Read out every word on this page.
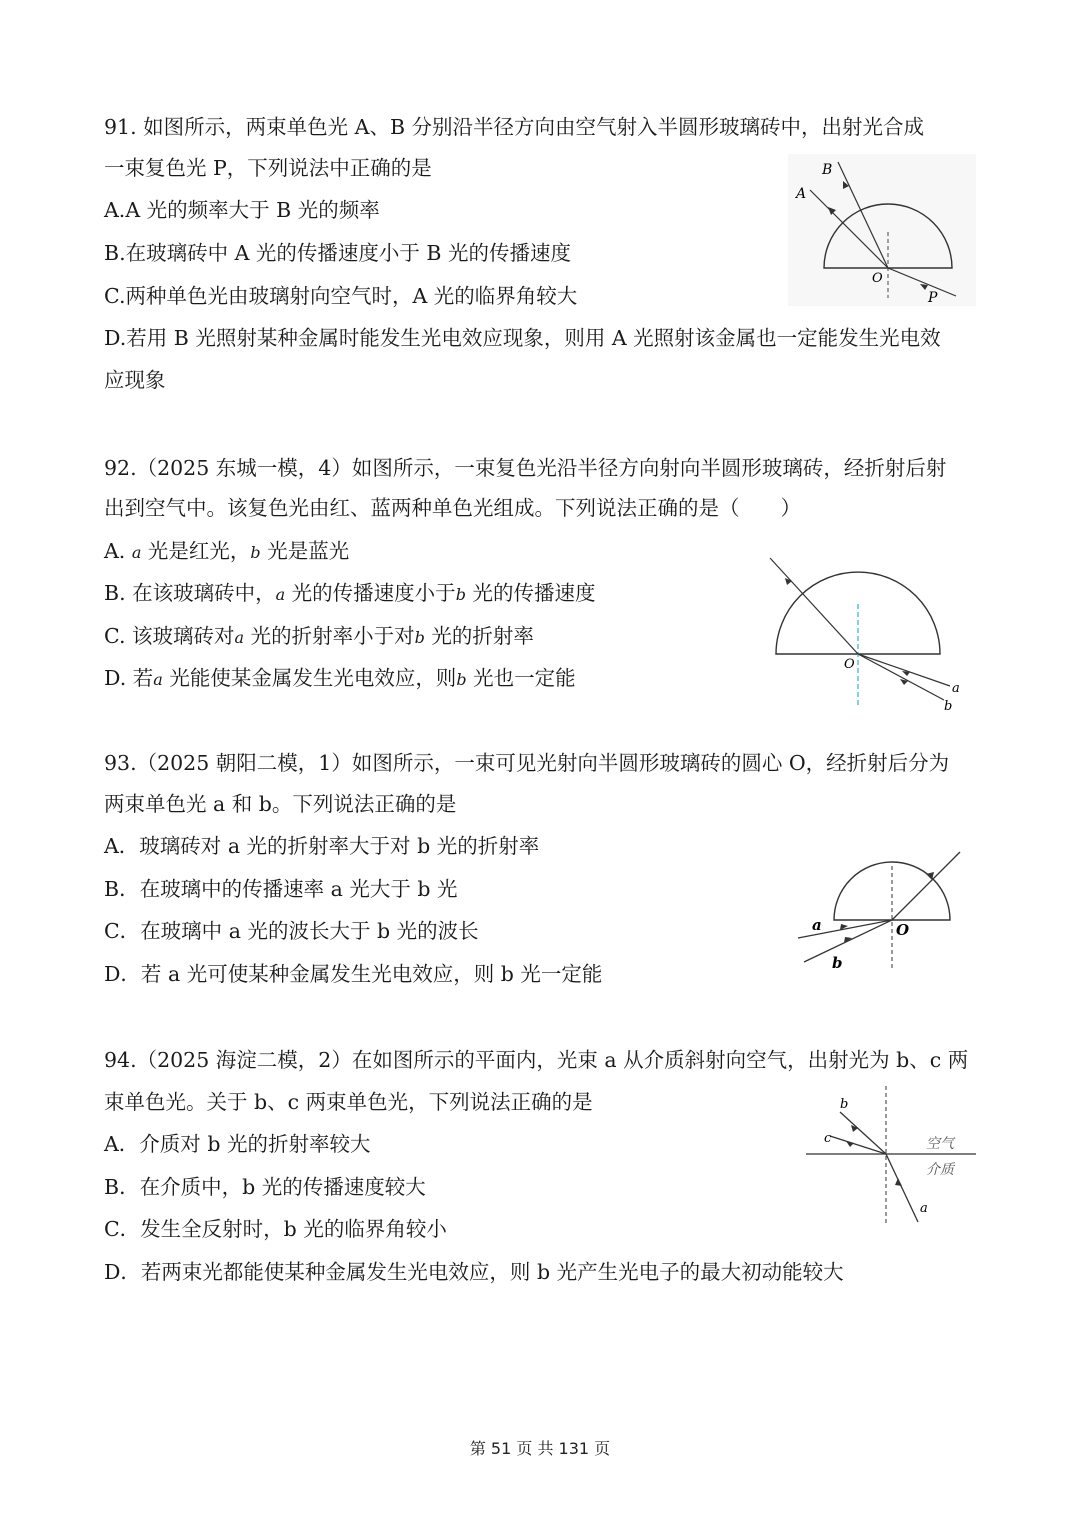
91. 如图所示，两束单色光 A、B 分别沿半径方向由空气射入半圆形玻璃砖中，出射光合成
一束复色光 P，下列说法中正确的是
A.A 光的频率大于 B 光的频率
B.在玻璃砖中 A 光的传播速度小于 B 光的传播速度
C.两种单色光由玻璃射向空气时，A 光的临界角较大
D.若用 B 光照射某种金属时能发生光电效应现象，则用 A 光照射该金属也一定能发生光电效
应现象
A
B
O
P
92.（2025 东城一模，4）如图所示，一束复色光沿半径方向射向半圆形玻璃砖，经折射后射
出到空气中。该复色光由红、蓝两种单色光组成。下列说法正确的是（　　）
A. a 光是红光，b 光是蓝光
B. 在该玻璃砖中，a 光的传播速度小于b 光的传播速度
C. 该玻璃砖对a 光的折射率小于对b 光的折射率
D. 若a 光能使某金属发生光电效应，则b 光也一定能
O
a
b
93.（2025 朝阳二模，1）如图所示，一束可见光射向半圆形玻璃砖的圆心 O，经折射后分为
两束单色光 a 和 b。下列说法正确的是
A．玻璃砖对 a 光的折射率大于对 b 光的折射率
B．在玻璃中的传播速率 a 光大于 b 光
C．在玻璃中 a 光的波长大于 b 光的波长
D．若 a 光可使某种金属发生光电效应，则 b 光一定能
O
a
b
94.（2025 海淀二模，2）在如图所示的平面内，光束 a 从介质斜射向空气，出射光为 b、c 两
束单色光。关于 b、c 两束单色光，下列说法正确的是
A．介质对 b 光的折射率较大
B．在介质中，b 光的传播速度较大
C．发生全反射时，b 光的临界角较小
D．若两束光都能使某种金属发生光电效应，则 b 光产生光电子的最大初动能较大
b
c
a
空气
介质
第 51 页 共 131 页
